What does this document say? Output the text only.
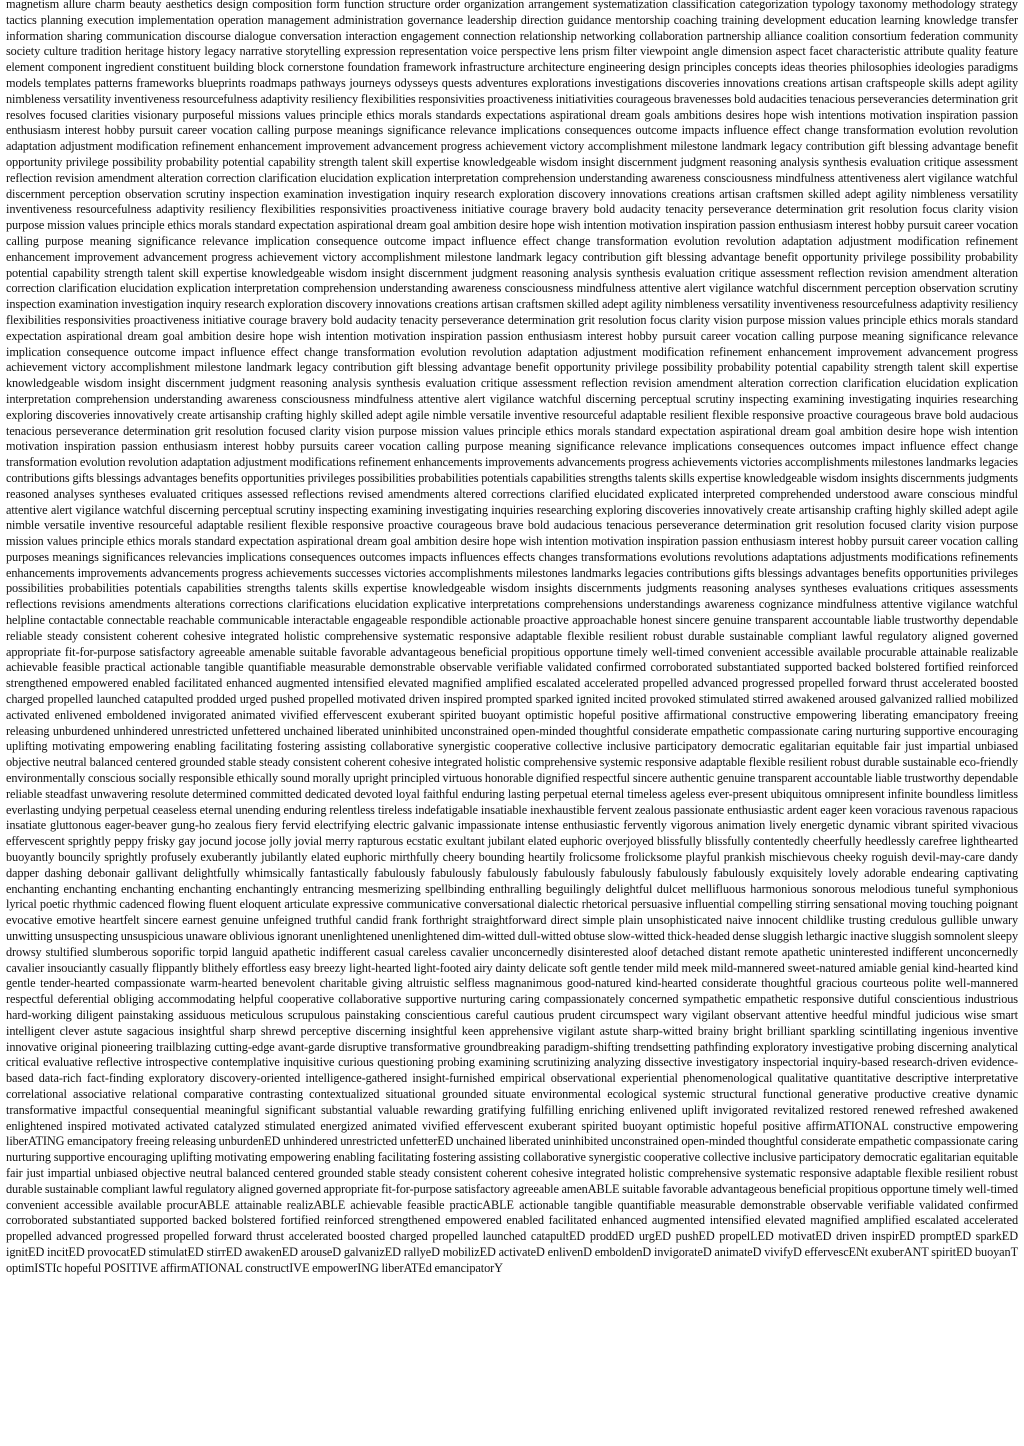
magnetism allure charm beauty aesthetics design composition form function structure order organization arrangement systematization classification categorization typology taxonomy methodology strategy tactics planning execution implementation operation management administration governance leadership direction guidance mentorship coaching training development education learning knowledge transfer information sharing communication discourse dialogue conversation interaction engagement connection relationship networking collaboration partnership alliance coalition consortium federation community society culture tradition heritage history legacy narrative storytelling expression representation voice perspective lens prism filter viewpoint angle dimension aspect facet characteristic attribute quality feature element component ingredient constituent building block cornerstone foundation framework infrastructure architecture engineering design principles concepts ideas theories philosophies ideologies paradigms models templates patterns frameworks blueprints roadmaps pathways journeys odysseys quests adventures explorations investigations discoveries innovations creations artisan craftspeople skills adept agility nimbleness versatility inventiveness resourcefulness adaptivity resiliency flexibilities responsivities proactiveness initiativities courageous bravenesses bold audacities tenacious perseverancies determination grit resolves focused clarities visionary purposeful missions values principle ethics morals standards expectations aspirational dream goals ambitions desires hope wish intentions motivation inspiration passion enthusiasm interest hobby pursuit career vocation calling purpose meanings significance relevance implications consequences outcome impacts influence effect change transformation evolution revolution adaptation adjustment modification refinement enhancement improvement advancement progress achievement victory accomplishment milestone landmark legacy contribution gift blessing advantage benefit opportunity privilege possibility probability potential capability strength talent skill expertise knowledgeable wisdom insight discernment judgment reasoning analysis synthesis evaluation critique assessment reflection revision amendment alteration correction clarification elucidation explication interpretation comprehension understanding awareness consciousness mindfulness attentiveness alert vigilance watchful discernment perception observation scrutiny inspection examination investigation inquiry research exploration discovery innovations creations artisan craftsmen skilled adept agility nimbleness versatility inventiveness resourcefulness adaptivity resiliency flexibilities responsivities proactiveness initiative courage bravery bold audacity tenacity perseverance determination grit resolution focus clarity vision purpose mission values principle ethics morals standard expectation aspirational dream goal ambition desire hope wish intention motivation inspiration passion enthusiasm interest hobby pursuit career vocation calling purpose meaning significance relevance implication consequence outcome impact influence effect change transformation evolution revolution adaptation adjustment modification refinement enhancement improvement advancement progress achievement victory accomplishment milestone landmark legacy contribution gift blessing advantage benefit opportunity privilege possibility probability potential capability strength talent skill expertise knowledgeable wisdom insight discernment judgment reasoning analysis synthesis evaluation critique assessment reflection revision amendment alteration correction clarification elucidation explication interpretation comprehension understanding awareness consciousness mindfulness attentive alert vigilance watchful discernment perception observation scrutiny inspection examination investigation inquiry research exploration discovery innovations creations artisan craftsmen skilled adept agility nimbleness versatility inventiveness resourcefulness adaptivity resiliency flexibilities responsivities proactiveness initiative courage bravery bold audacity tenacity perseverance determination grit resolution focus clarity vision purpose mission values principle ethics morals standard expectation aspirational dream goal ambition desire hope wish intention motivation inspiration passion enthusiasm interest hobby pursuit career vocation calling purpose meaning significance relevance implication consequence outcome impact influence effect change transformation evolution revolution adaptation adjustment modification refinement enhancement improvement advancement progress achievement victory accomplishment milestone landmark legacy contribution gift blessing advantage benefit opportunity privilege possibility probability potential capability strength talent skill expertise knowledgeable wisdom insight discernment judgment reasoning analysis synthesis evaluation critique assessment reflection revision amendment alteration correction clarification elucidation explication interpretation comprehension understanding awareness consciousness mindfulness attentive alert vigilance watchful discerning perceptual scrutiny inspecting examining investigating inquiries researching exploring discoveries innovatively create artisanship crafting highly skilled adept agile nimble versatile inventive resourceful adaptable resilient flexible responsive proactive courageous brave bold audacious tenacious perseverance determination grit resolution focused clarity vision purpose mission values principle ethics morals standard expectation aspirational dream goal ambition desire hope wish intention motivation inspiration passion enthusiasm interest hobby pursuits career vocation calling purpose meaning significance relevance implications consequences outcomes impact influence effect change transformation evolution revolution adaptation adjustment modifications refinement enhancements improvements advancements progress achievements victories accomplishments milestones landmarks legacies contributions gifts blessings advantages benefits opportunities privileges possibilities probabilities potentials capabilities strengths talents skills expertise knowledgeable wisdom insights discernments judgments reasoned analyses syntheses evaluated critiques assessed reflections revised amendments altered corrections clarified elucidated explicated interpreted comprehended understood aware conscious mindful attentive alert vigilance watchful discerning perceptual scrutiny inspecting examining investigating inquiries researching exploring discoveries innovatively create artisanship crafting highly skilled adept agile nimble versatile inventive resourceful adaptable resilient flexible responsive proactive courageous brave bold audacious tenacious perseverance determination grit resolution focused clarity vision purpose mission values principle ethics morals standard expectation aspirational dream goal ambition desire hope wish intention motivation inspiration passion enthusiasm interest hobby pursuit career vocation calling purposes meanings significances relevancies implications consequences outcomes impacts influences effects changes transformations evolutions revolutions adaptations adjustments modifications refinements enhancements improvements advancements progress achievements successes victories accomplishments milestones landmarks legacies contributions gifts blessings advantages benefits opportunities privileges possibilities probabilities potentials capabilities strengths talents skills expertise knowledgeable wisdom insights discernments judgments reasoning analyses syntheses evaluations critiques assessments reflections revisions amendments alterations corrections clarifications elucidation explicative interpretations comprehensions understandings awareness cognizance mindfulness attentive vigilance watchful helpline contactable connectable reachable communicable interactable engageable respondible actionable proactive approachable honest sincere genuine transparent accountable liable trustworthy dependable reliable steady consistent coherent cohesive integrated holistic comprehensive systematic responsive adaptable flexible resilient robust durable sustainable compliant lawful regulatory aligned governed appropriate fit-for-purpose satisfactory agreeable amenable suitable favorable advantageous beneficial propitious opportune timely well-timed convenient accessible available procurable attainable realizable achievable feasible practical actionable tangible quantifiable measurable demonstrable observable verifiable validated confirmed corroborated substantiated supported backed bolstered fortified reinforced strengthened empowered enabled facilitated enhanced augmented intensified elevated magnified amplified escalated accelerated propelled advanced progressed propelled forward thrust accelerated boosted charged propelled launched catapulted prodded urged pushed propelled motivated driven inspired prompted sparked ignited incited provoked stimulated stirred awakened aroused galvanized rallied mobilized activated enlivened emboldened invigorated animated vivified effervescent exuberant spirited buoyant optimistic hopeful positive affirmational constructive empowering liberating emancipatory freeing releasing unburdened unhindered unrestricted unfettered unchained liberated uninhibited unconstrained open-minded thoughtful considerate empathetic compassionate caring nurturing supportive encouraging uplifting motivating empowering enabling facilitating fostering assisting collaborative synergistic cooperative collective inclusive participatory democratic egalitarian equitable fair just impartial unbiased objective neutral balanced centered grounded stable steady consistent coherent cohesive integrated holistic comprehensive systemic responsive adaptable flexible resilient robust durable sustainable eco-friendly environmentally conscious socially responsible ethically sound morally upright principled virtuous honorable dignified respectful sincere authentic genuine transparent accountable liable trustworthy dependable reliable steadfast unwavering resolute determined committed dedicated devoted loyal faithful enduring lasting perpetual eternal timeless ageless ever-present ubiquitous omnipresent infinite boundless limitless everlasting undying perpetual ceaseless eternal unending enduring relentless tireless indefatigable insatiable inexhaustible fervent zealous passionate enthusiastic ardent eager keen voracious ravenous rapacious insatiate gluttonous eager-beaver gung-ho zealous fiery fervid electrifying electric galvanic impassionate intense enthusiastic fervently vigorous animation lively energetic dynamic vibrant spirited vivacious effervescent sprightly peppy frisky gay jocund jocose jolly jovial merry rapturous ecstatic exultant jubilant elated euphoric overjoyed blissfully blissfully contentedly cheerfully heedlessly carefree lighthearted buoyantly bouncily sprightly profusely exuberantly jubilantly elated euphoric mirthfully cheery bounding heartily frolicsome frolicksome playful prankish mischievous cheeky roguish devil-may-care dandy dapper dashing debonair gallivant delightfully whimsically fantastically fabulously fabulously fabulously fabulously fabulously fabulously fabulously exquisitely lovely adorable endearing captivating enchanting enchanting enchanting enchanting enchantingly entrancing mesmerizing spellbinding enthralling beguilingly delightful dulcet mellifluous harmonious sonorous melodious tuneful symphonious lyrical poetic rhythmic cadenced flowing fluent eloquent articulate expressive communicative conversational dialectic rhetorical persuasive influential compelling stirring sensational moving touching poignant evocative emotive heartfelt sincere earnest genuine unfeigned truthful candid frank forthright straightforward direct simple plain unsophisticated naive innocent childlike trusting credulous gullible unwary unwitting unsuspecting unsuspicious unaware oblivious ignorant unenlightened unenlightened dim-witted dull-witted obtuse slow-witted thick-headed dense sluggish lethargic inactive sluggish somnolent sleepy drowsy stultified slumberous soporific torpid languid apathetic indifferent casual careless cavalier unconcernedly disinterested aloof detached distant remote apathetic uninterested indifferent unconcernedly cavalier insouciantly casually flippantly blithely effortless easy breezy light-hearted light-footed airy dainty delicate soft gentle tender mild meek mild-mannered sweet-natured amiable genial kind-hearted kind gentle tender-hearted compassionate warm-hearted benevolent charitable giving altruistic selfless magnanimous good-natured kind-hearted considerate thoughtful gracious courteous polite well-mannered respectful deferential obliging accommodating helpful cooperative collaborative supportive nurturing caring compassionately concerned sympathetic empathetic responsive dutiful conscientious industrious hard-working diligent painstaking assiduous meticulous scrupulous painstaking conscientious careful cautious prudent circumspect wary vigilant observant attentive heedful mindful judicious wise smart intelligent clever astute sagacious insightful sharp shrewd perceptive discerning insightful keen apprehensive vigilant astute sharp-witted brainy bright brilliant sparkling scintillating ingenious inventive innovative original pioneering trailblazing cutting-edge avant-garde disruptive transformative groundbreaking paradigm-shifting trendsetting pathfinding exploratory investigative probing discerning analytical critical evaluative reflective introspective contemplative inquisitive curious questioning probing examining scrutinizing analyzing dissective investigatory inspectorial inquiry-based research-driven evidence-based data-rich fact-finding exploratory discovery-oriented intelligence-gathered insight-furnished empirical observational experiential phenomenological qualitative quantitative descriptive interpretative correlational associative relational comparative contrasting contextualized situational grounded situate environmental ecological systemic structural functional generative productive creative dynamic transformative impactful consequential meaningful significant substantial valuable rewarding gratifying fulfilling enriching enlivened uplift invigorated revitalized restored renewed refreshed awakened enlightened inspired motivated activated catalyzed stimulated energized animated vivified effervescent exuberant spirited buoyant optimistic hopeful positive affirmATIONAL constructive empowering liberATING emancipatory freeing releasing unburdenED unhindered unrestricted unfetterED unchained liberated uninhibited unconstrained open-minded thoughtful considerate empathetic compassionate caring nurturing supportive encouraging uplifting motivating empowering enabling facilitating fostering assisting collaborative synergistic cooperative collective inclusive participatory democratic egalitarian equitable fair just impartial unbiased objective neutral balanced centered grounded stable steady consistent coherent cohesive integrated holistic comprehensive systematic responsive adaptable flexible resilient robust durable sustainable compliant lawful regulatory aligned governed appropriate fit-for-purpose satisfactory agreeable amenABLE suitable favorable advantageous beneficial propitious opportune timely well-timed convenient accessible available procurABLE attainable realizABLE achievable feasible practicABLE actionable tangible quantifiable measurable demonstrable observable verifiable validated confirmed corroborated substantiated supported backed bolstered fortified reinforced strengthened empowered enabled facilitated enhanced augmented intensified elevated magnified amplified escalated accelerated propelled advanced progressed propelled forward thrust accelerated boosted charged propelled launched catapultED proddED urgED pushED propelLED motivatED driven inspirED promptED sparkED ignitED incitED provocatED stimulatED stirrED awakenED arouseD galvanizED rallyeD mobilizED activateD enlivenD emboldenD invigorateD animateD vivifyD effervescENt exuberANT spiritED buoyanT optimISTIc hopeful POSITIVE affirmATIONAL constructIVE empowerING liberATEd emancipatorY
